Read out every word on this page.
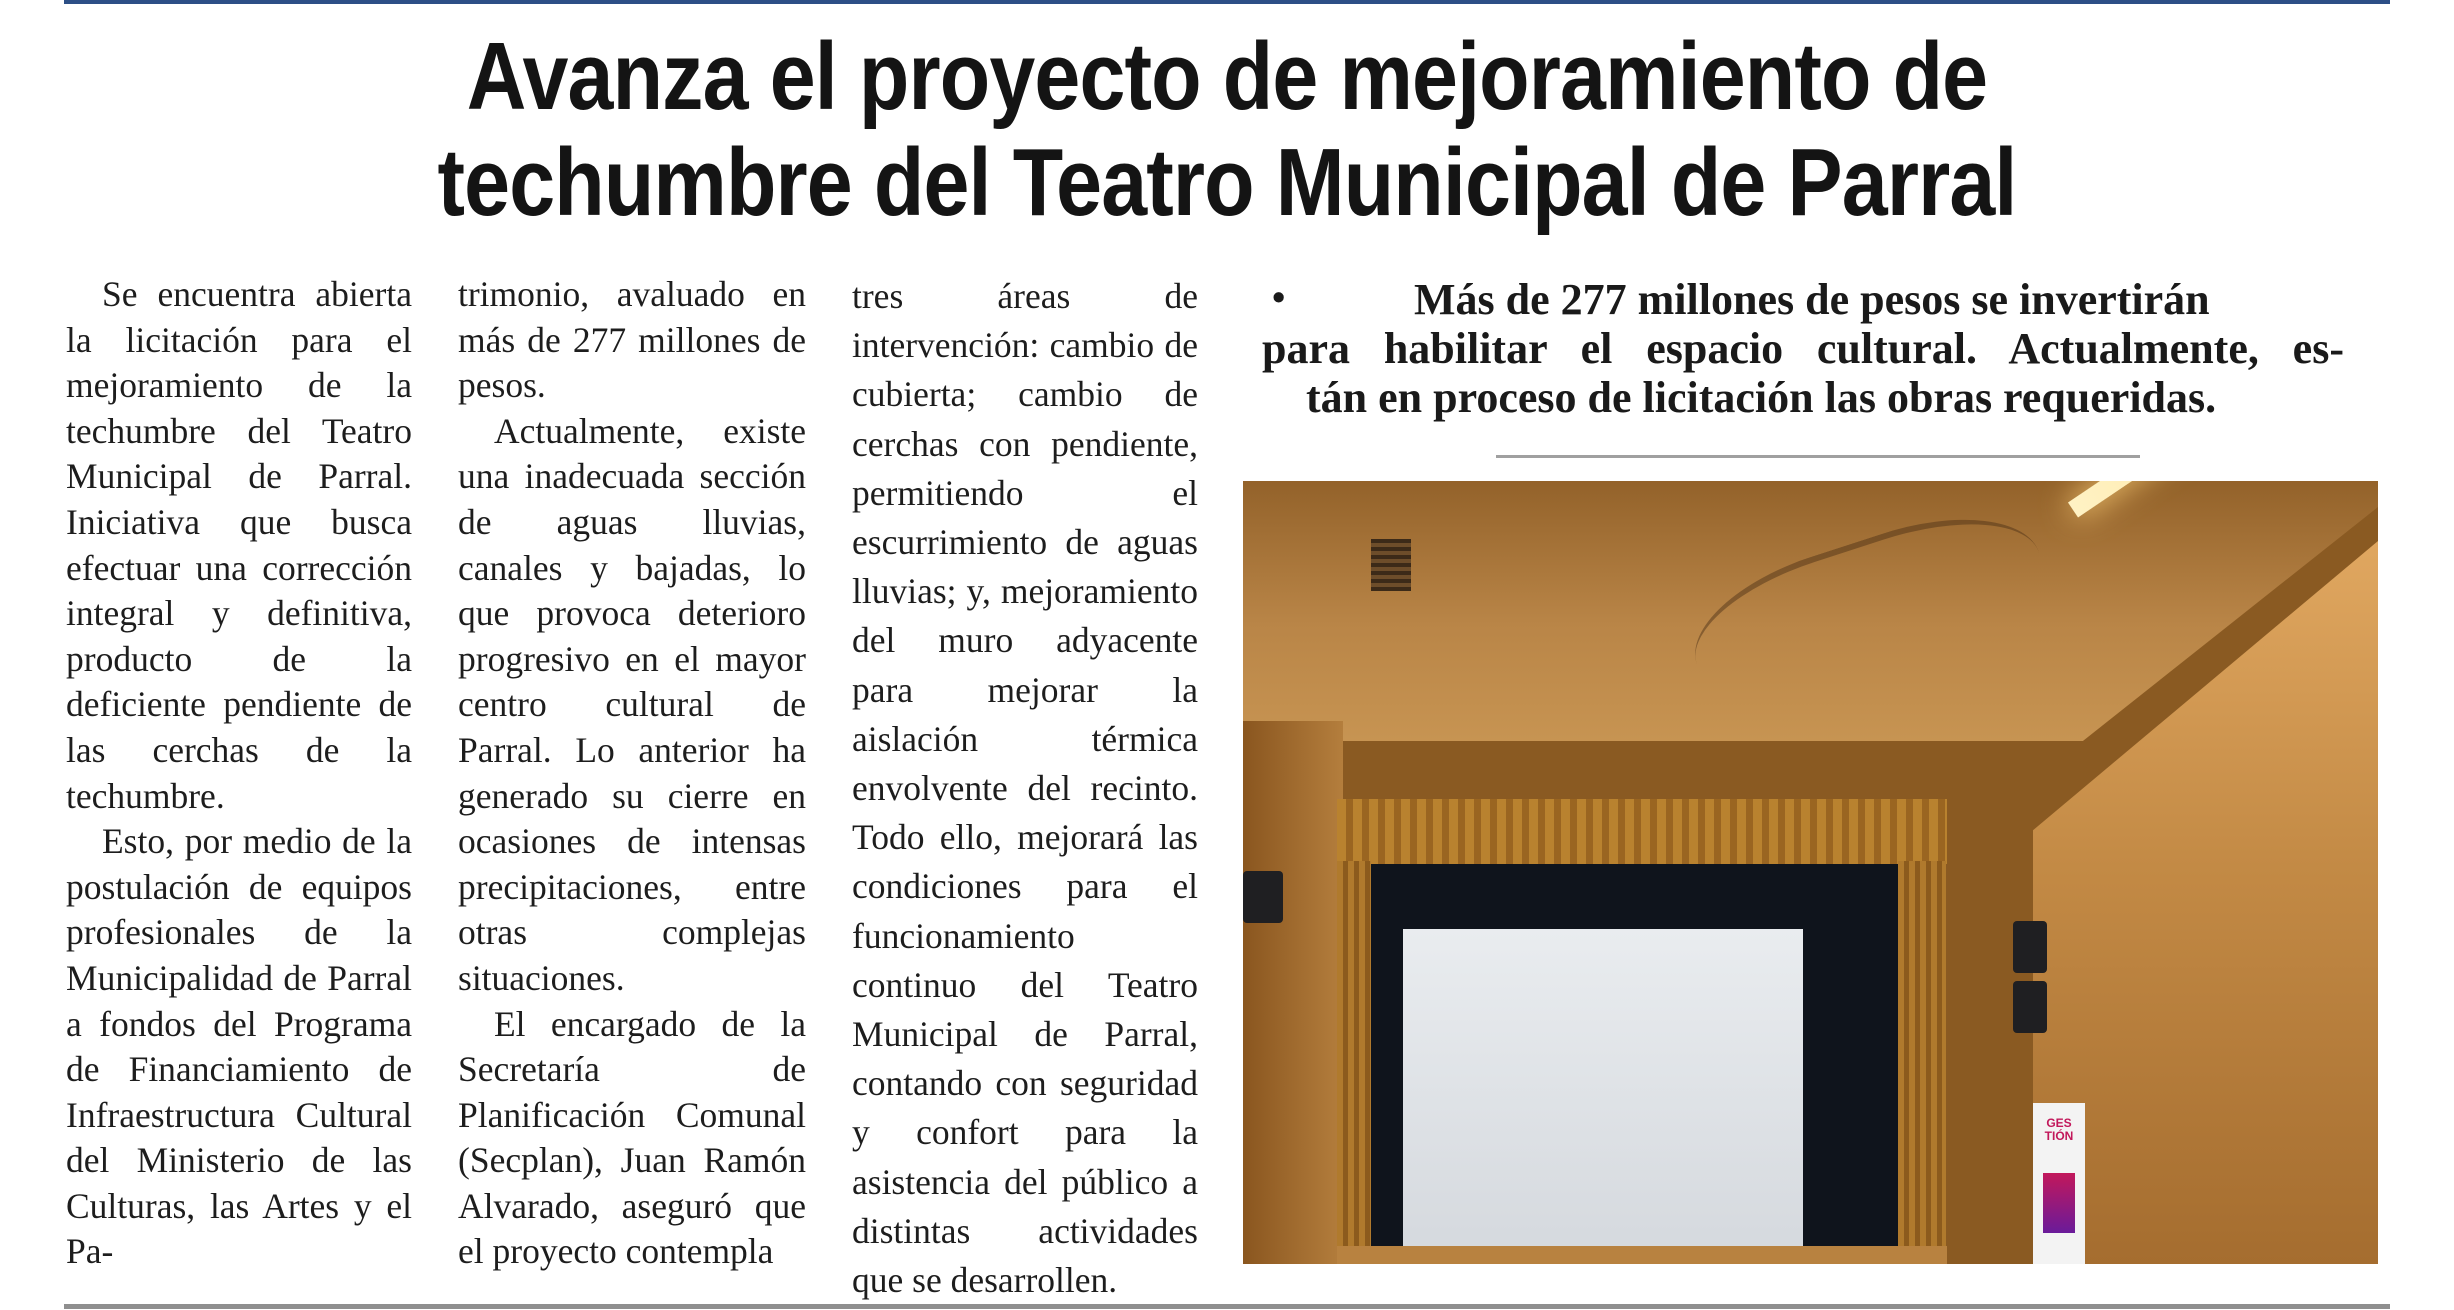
Avanza el proyecto de mejoramiento de
techumbre del Teatro Municipal de Parral

Se encuentra abierta la licitación para el mejoramiento de la techumbre del Teatro Municipal de Parral. Iniciativa que busca efectuar una corrección integral y definitiva, producto de la deficiente pendiente de las cerchas de la techumbre.

Esto, por medio de la postulación de equipos profesionales de la Municipalidad de Parral a fondos del Programa de Financiamiento de Infraestructura Cultural del Ministerio de las Culturas, las Artes y el Pa-

trimonio, avaluado en más de 277 millones de pesos.

Actualmente, existe una inadecuada sección de aguas lluvias, canales y bajadas, lo que provoca deterioro progresivo en el mayor centro cultural de Parral. Lo anterior ha generado su cierre en ocasiones de intensas precipitaciones, entre otras complejas situaciones.

El encargado de la Secretaría de Planificación Comunal (Secplan), Juan Ramón Alvarado, aseguró que el proyecto contempla

tres áreas de intervención: cambio de cubierta; cambio de cerchas con pendiente, permitiendo el escurrimiento de aguas lluvias; y, mejoramiento del muro adyacente para mejorar la aislación térmica envolvente del recinto. Todo ello, mejorará las condiciones para el funcionamiento continuo del Teatro Municipal de Parral, contando con seguridad y confort para la asistencia del público a distintas actividades que se desarrollen.

•	Más de 277 millones de pesos se invertirán
para habilitar el espacio cultural. Actualmente, es-
tán en proceso de licitación las obras requeridas.
GES TIÓN
